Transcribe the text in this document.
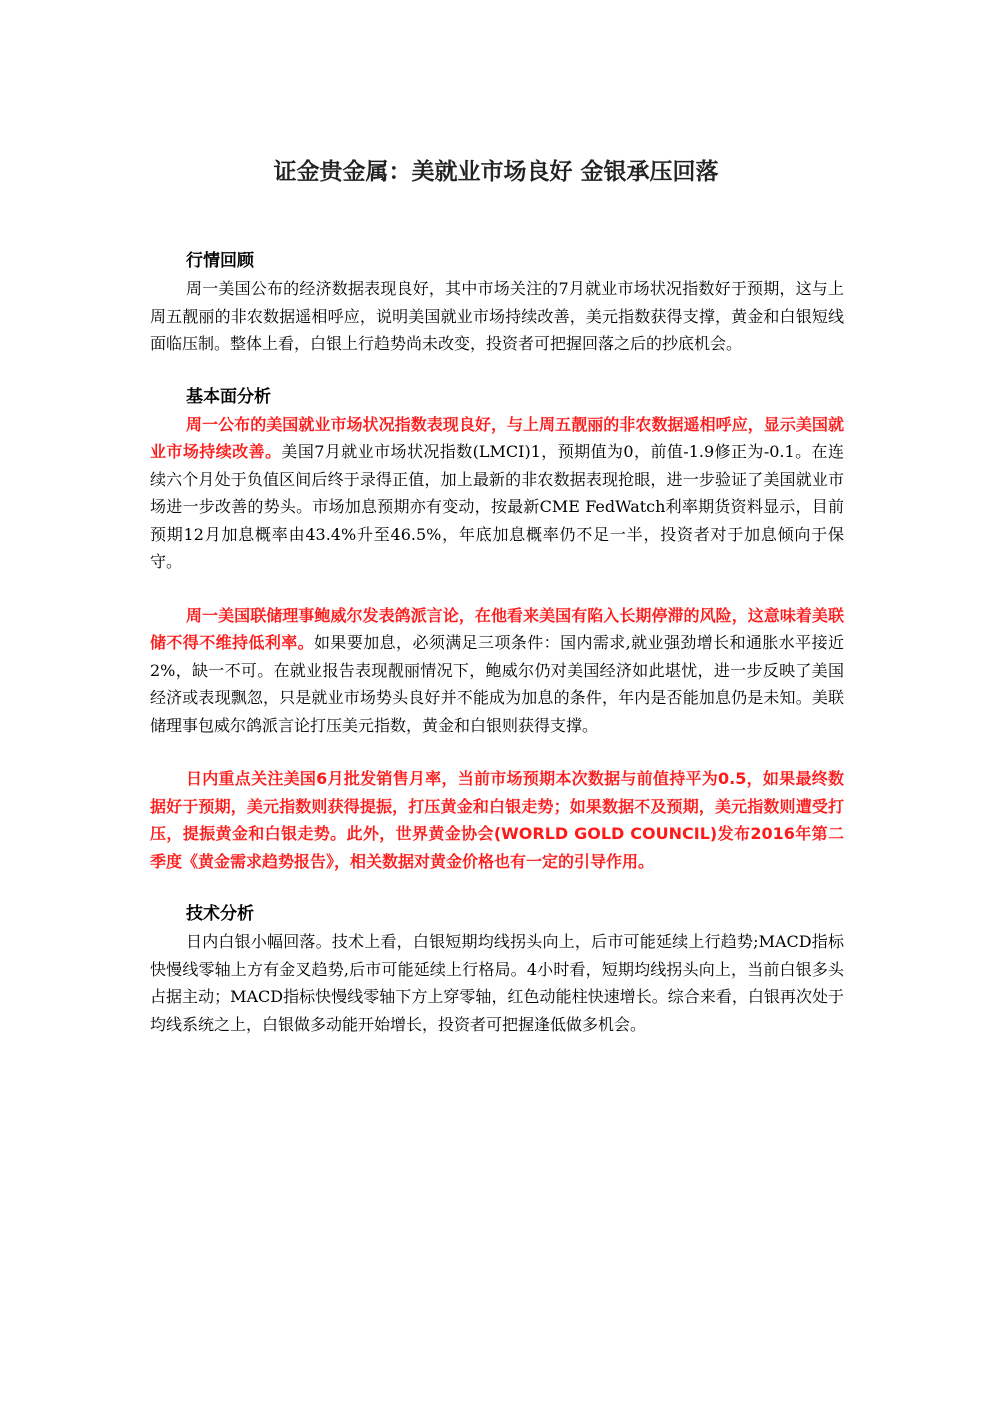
证金贵金属：美就业市场良好 金银承压回落

行情回顾

周一美国公布的经济数据表现良好，其中市场关注的7月就业市场状况指数好于预期，这与上周五靓丽的非农数据遥相呼应，说明美国就业市场持续改善，美元指数获得支撑，黄金和白银短线面临压制。整体上看，白银上行趋势尚未改变，投资者可把握回落之后的抄底机会。

基本面分析

周一公布的美国就业市场状况指数表现良好，与上周五靓丽的非农数据遥相呼应，显示美国就业市场持续改善。美国7月就业市场状况指数(LMCI)1，预期值为0，前值-1.9修正为-0.1。在连续六个月处于负值区间后终于录得正值，加上最新的非农数据表现抢眼，进一步验证了美国就业市场进一步改善的势头。市场加息预期亦有变动，按最新CME FedWatch利率期货资料显示，目前预期12月加息概率由43.4%升至46.5%，年底加息概率仍不足一半，投资者对于加息倾向于保守。

周一美国联储理事鲍威尔发表鸽派言论，在他看来美国有陷入长期停滞的风险，这意味着美联储不得不维持低利率。如果要加息，必须满足三项条件：国内需求,就业强劲增长和通胀水平接近2%，缺一不可。在就业报告表现靓丽情况下，鲍威尔仍对美国经济如此堪忧，进一步反映了美国经济或表现飘忽，只是就业市场势头良好并不能成为加息的条件，年内是否能加息仍是未知。美联储理事包威尔鸽派言论打压美元指数，黄金和白银则获得支撑。

日内重点关注美国6月批发销售月率，当前市场预期本次数据与前值持平为0.5，如果最终数据好于预期，美元指数则获得提振，打压黄金和白银走势；如果数据不及预期，美元指数则遭受打压，提振黄金和白银走势。此外，世界黄金协会(WORLD GOLD COUNCIL)发布2016年第二季度《黄金需求趋势报告》，相关数据对黄金价格也有一定的引导作用。

技术分析

日内白银小幅回落。技术上看，白银短期均线拐头向上，后市可能延续上行趋势;MACD指标快慢线零轴上方有金叉趋势,后市可能延续上行格局。4小时看，短期均线拐头向上，当前白银多头占据主动；MACD指标快慢线零轴下方上穿零轴，红色动能柱快速增长。综合来看，白银再次处于均线系统之上，白银做多动能开始增长，投资者可把握逢低做多机会。
